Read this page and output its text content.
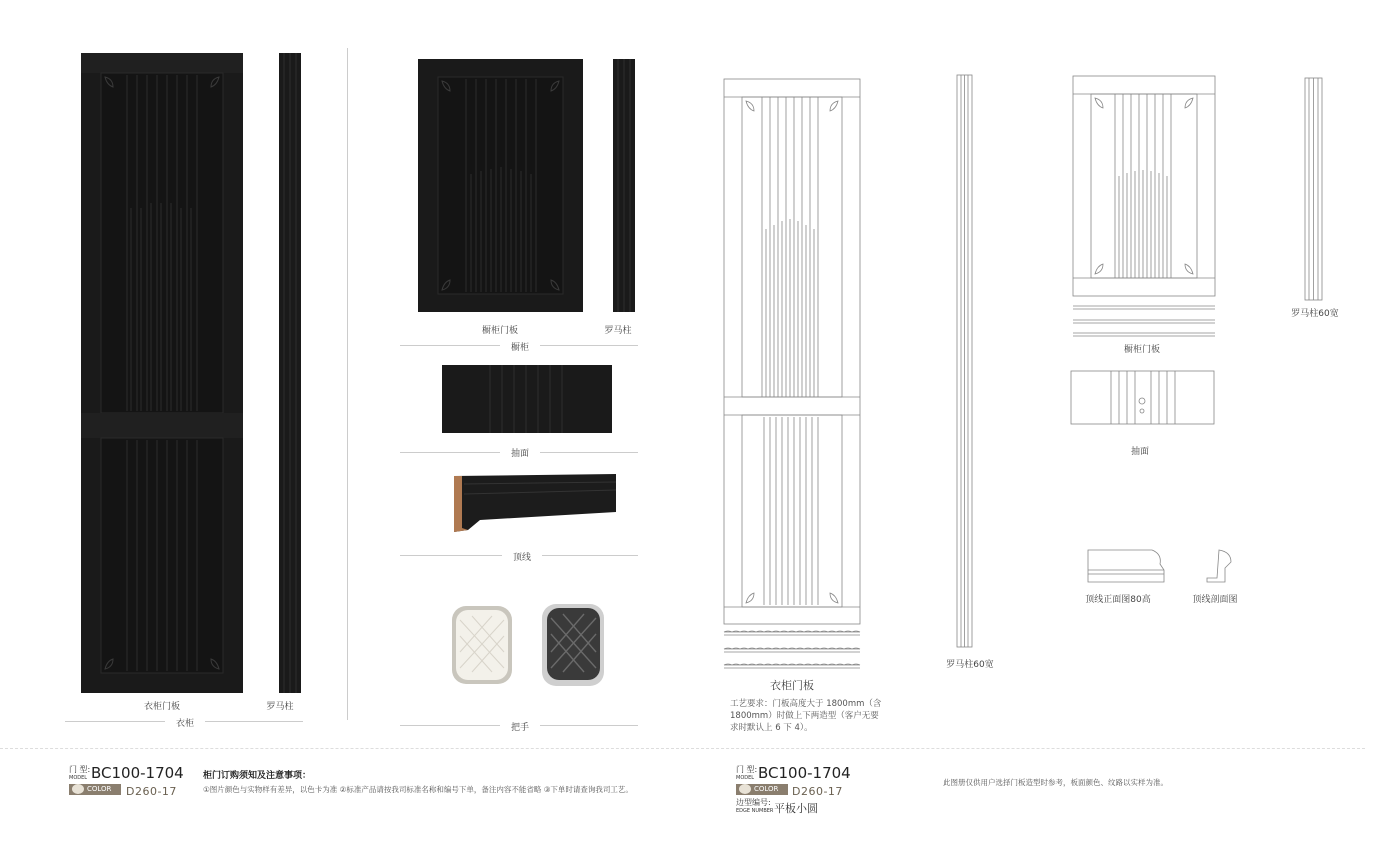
衣柜门板	罗马柱
衣柜
橱柜门板	罗马柱
橱柜
抽面
顶线
把手
衣柜门板
工艺要求：门板高度大于 1800mm（含
1800mm）时做上下两造型（客户无要
求时默认上 6 下 4）。
罗马柱60宽
橱柜门板
罗马柱60宽
抽面
顶线正面图80高	顶线剖面图
门 型:
MODEL BC100-1704
COLOR	D260-17
柜门订购须知及注意事项：
①图片颜色与实物样有差异，以色卡为准 ②标准产品请按我司标准名称和编号下单，备注内容不能省略 ③下单时请查询我司工艺。
门 型:
MODEL BC100-1704
COLOR	D260-17
边型编号:
EDGE NUMBER 平板小圆
此图册仅供用户选择门板造型时参考，板面颜色、纹路以实样为准。
